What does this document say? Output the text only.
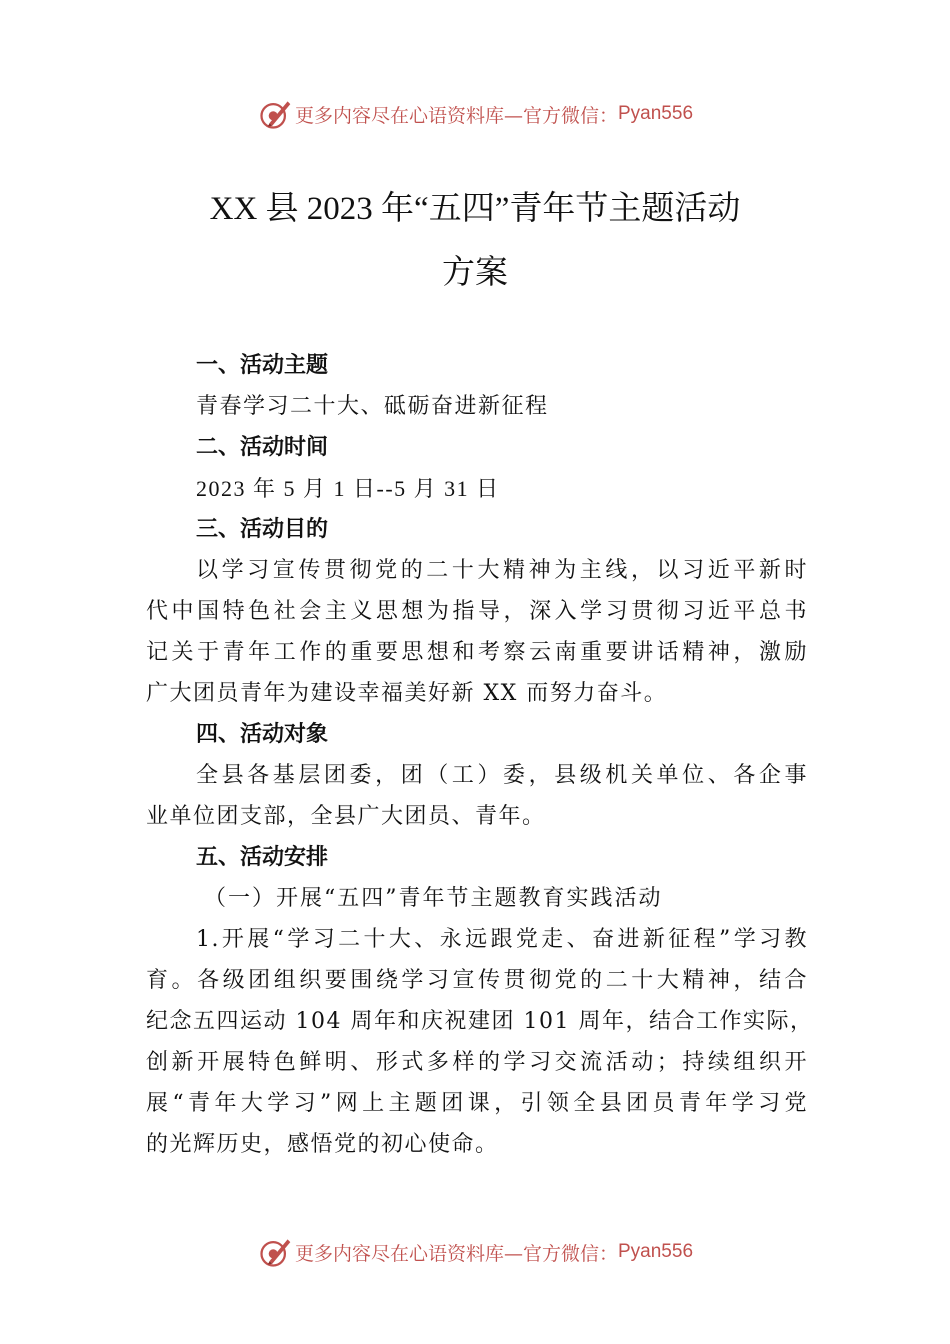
更多内容尽在心语资料库—官方微信： Pyan556
XX 县 2023 年“五四”青年节主题活动
方案
一、活动主题
青春学习二十大、砥砺奋进新征程
二、活动时间
2023 年 5 月 1 日--5 月 31 日
三、活动目的
以学习宣传贯彻党的二十大精神为主线，以习近平新时
代中国特色社会主义思想为指导，深入学习贯彻习近平总书
记关于青年工作的重要思想和考察云南重要讲话精神，激励
广大团员青年为建设幸福美好新 XX 而努力奋斗。
四、活动对象
全县各基层团委，团（工）委，县级机关单位、各企事
业单位团支部，全县广大团员、青年。
五、活动安排
（一）开展“五四”青年节主题教育实践活动
1.开展“学习二十大、永远跟党走、奋进新征程”学习教
育。各级团组织要围绕学习宣传贯彻党的二十大精神，结合
纪念五四运动 104 周年和庆祝建团 101 周年，结合工作实际，
创新开展特色鲜明、形式多样的学习交流活动；持续组织开
展“青年大学习”网上主题团课，引领全县团员青年学习党
的光辉历史，感悟党的初心使命。
更多内容尽在心语资料库—官方微信： Pyan556
